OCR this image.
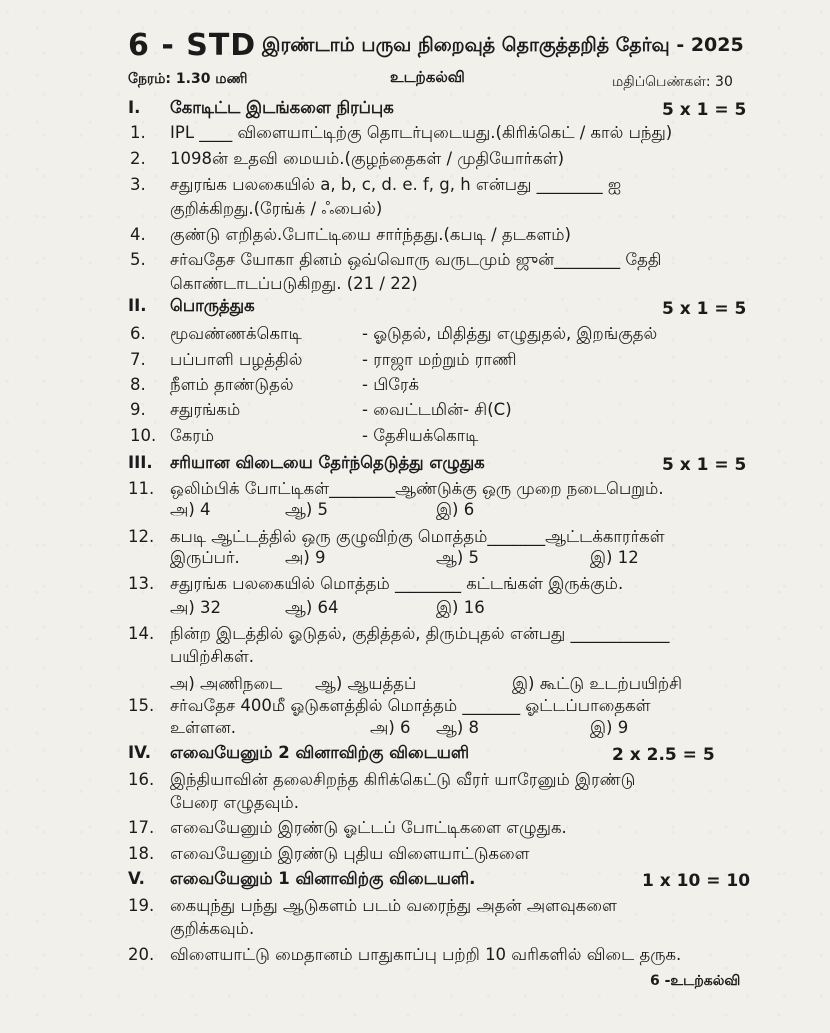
6 - STD இரண்டாம் பருவ நிறைவுத் தொகுத்தறித் தேர்வு - 2025
நேரம்: 1.30 மணி	உடற்கல்வி	மதிப்பெண்கள்: 30
I. கோடிட்ட இடங்களை நிரப்புக	5 x 1 = 5
1. IPL ____ விளையாட்டிற்கு தொடர்புடையது.(கிரிக்கெட் / கால் பந்து)
2. 1098ன் உதவி மையம்.(குழந்தைகள் / முதியோர்கள்)
3. சதுரங்க பலகையில் a, b, c, d. e. f, g, h என்பது ________ ஐ
குறிக்கிறது.(ரேங்க் / ஃபைல்)
4. குண்டு எறிதல்.போட்டியை சார்ந்தது.(கபடி / தடகளம்)
5. சர்வதேச யோகா தினம் ஒவ்வொரு வருடமும் ஜுன்________ தேதி
கொண்டாடப்படுகிறது. (21 / 22)
II. பொருத்துக	5 x 1 = 5
6. மூவண்ணக்கொடி	- ஓடுதல், மிதித்து எழுதுதல், இறங்குதல்
7. பப்பாளி பழத்தில்	- ராஜா மற்றும் ராணி
8. நீளம் தாண்டுதல்	- பிரேக்
9. சதுரங்கம்	- வைட்டமின்- சி(C)
10. கேரம்	- தேசியக்கொடி
III. சரியான விடையை தேர்ந்தெடுத்து எழுதுக	5 x 1 = 5
11. ஒலிம்பிக் போட்டிகள்________ஆண்டுக்கு ஒரு முறை நடைபெறும்.
அ) 4	ஆ) 5	இ) 6
12. கபடி ஆட்டத்தில் ஒரு குழுவிற்கு மொத்தம்_______ஆட்டக்காரர்கள்
இருப்பர்.	அ) 9	ஆ) 5	இ) 12
13. சதுரங்க பலகையில் மொத்தம் ________ கட்டங்கள் இருக்கும்.
அ) 32	ஆ) 64	இ) 16
14. நின்ற இடத்தில் ஓடுதல், குதித்தல், திரும்புதல் என்பது ____________
பயிற்சிகள்.
அ) அணிநடை ஆ) ஆயத்தப்	இ) கூட்டு உடற்பயிற்சி
15. சர்வதேச 400மீ ஓடுகளத்தில் மொத்தம் _______ ஓட்டப்பாதைகள்
உள்ளன.	அ) 6 ஆ) 8	இ) 9
IV. எவையேனும் 2 வினாவிற்கு விடையளி	2 x 2.5 = 5
16. இந்தியாவின் தலைசிறந்த கிரிக்கெட்டு வீரர் யாரேனும் இரண்டு
பேரை எழுதவும்.
17. எவையேனும் இரண்டு ஓட்டப் போட்டிகளை எழுதுக.
18. எவையேனும் இரண்டு புதிய விளையாட்டுகளை
V. எவையேனும் 1 வினாவிற்கு விடையளி.	1 x 10 = 10
19. கையுந்து பந்து ஆடுகளம் படம் வரைந்து அதன் அளவுகளை
குறிக்கவும்.
20. விளையாட்டு மைதானம் பாதுகாப்பு பற்றி 10 வரிகளில் விடை தருக.
6 -உடற்கல்வி
